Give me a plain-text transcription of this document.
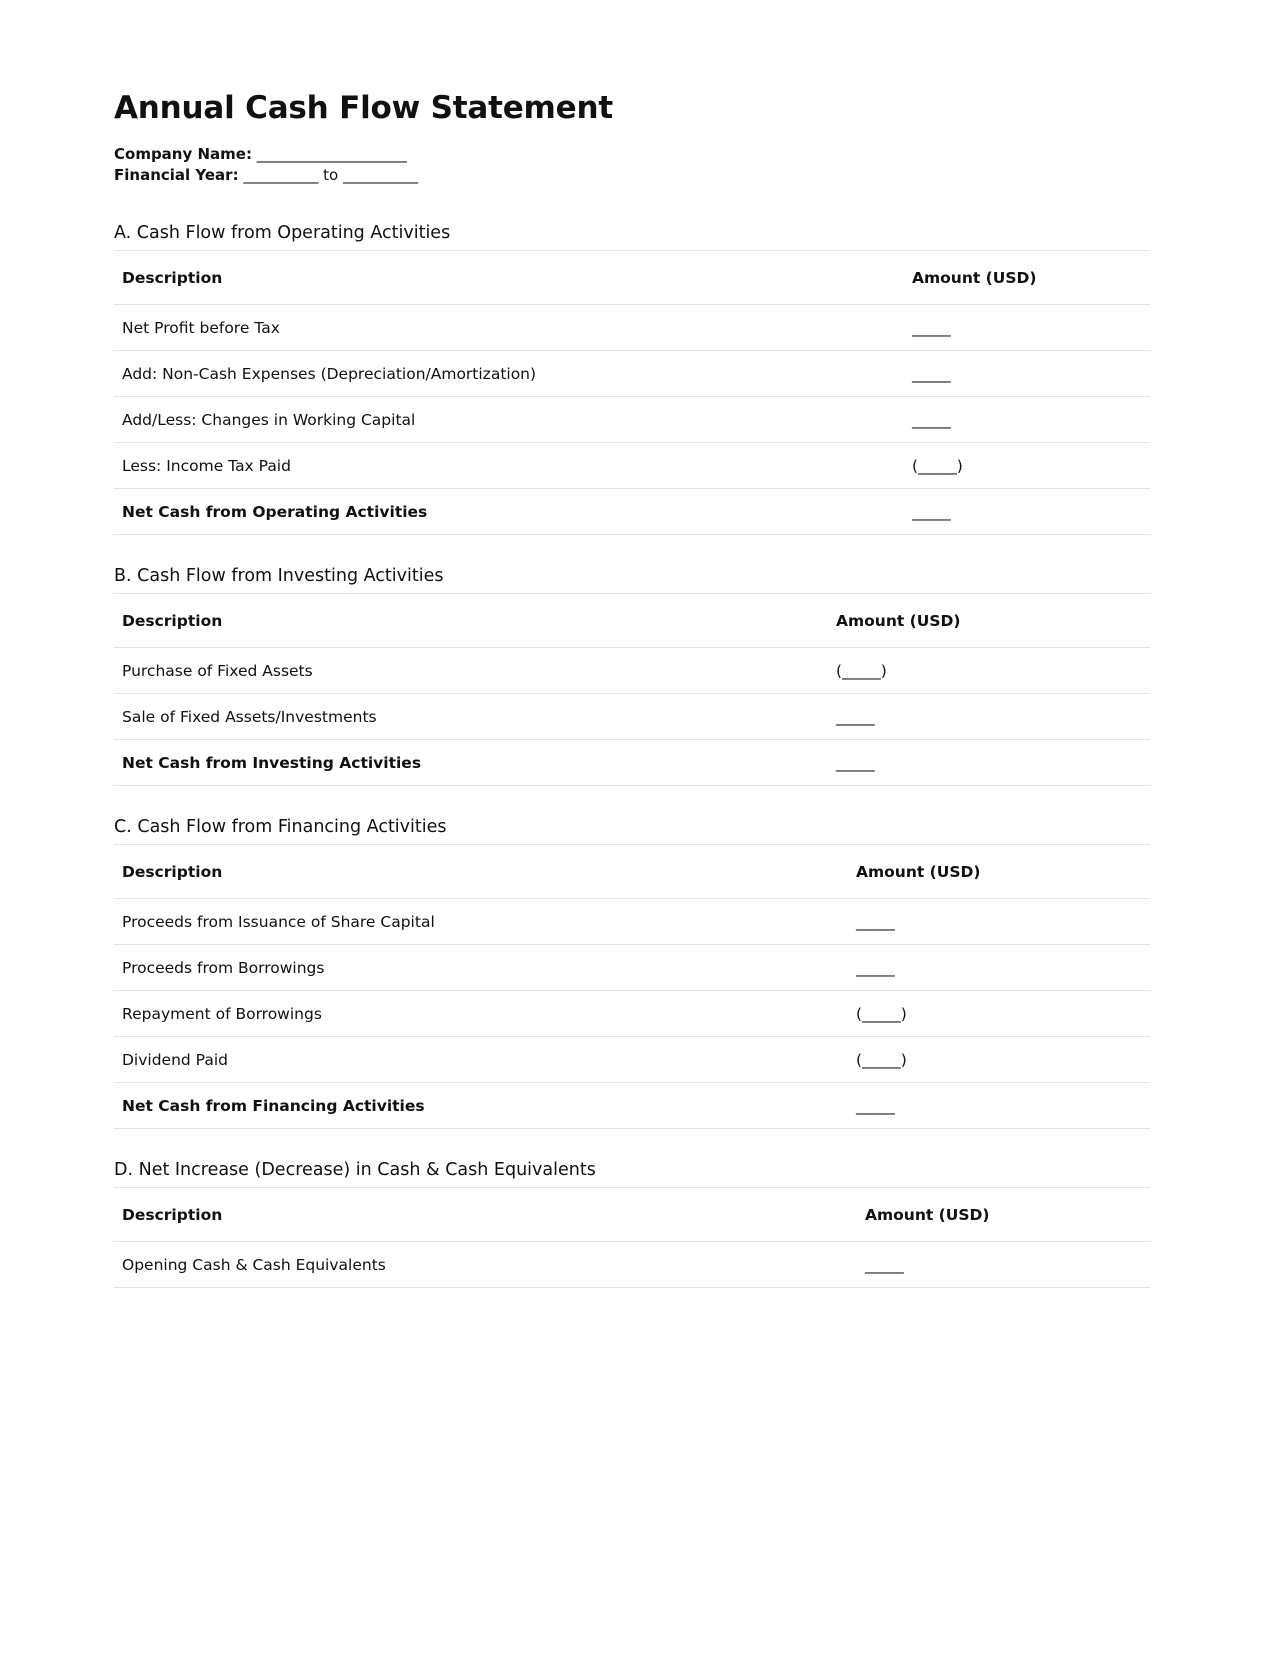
Annual Cash Flow Statement
Company Name: ____________________
Financial Year: __________ to __________
A. Cash Flow from Operating Activities
Description	Amount (USD)
Net Profit before Tax	_____
Add: Non-Cash Expenses (Depreciation/Amortization)	_____
Add/Less: Changes in Working Capital	_____
Less: Income Tax Paid	(_____)
Net Cash from Operating Activities	_____
B. Cash Flow from Investing Activities
Description	Amount (USD)
Purchase of Fixed Assets	(_____)
Sale of Fixed Assets/Investments	_____
Net Cash from Investing Activities	_____
C. Cash Flow from Financing Activities
Description	Amount (USD)
Proceeds from Issuance of Share Capital	_____
Proceeds from Borrowings	_____
Repayment of Borrowings	(_____)
Dividend Paid	(_____)
Net Cash from Financing Activities	_____
D. Net Increase (Decrease) in Cash & Cash Equivalents
Description	Amount (USD)
Opening Cash & Cash Equivalents	_____
